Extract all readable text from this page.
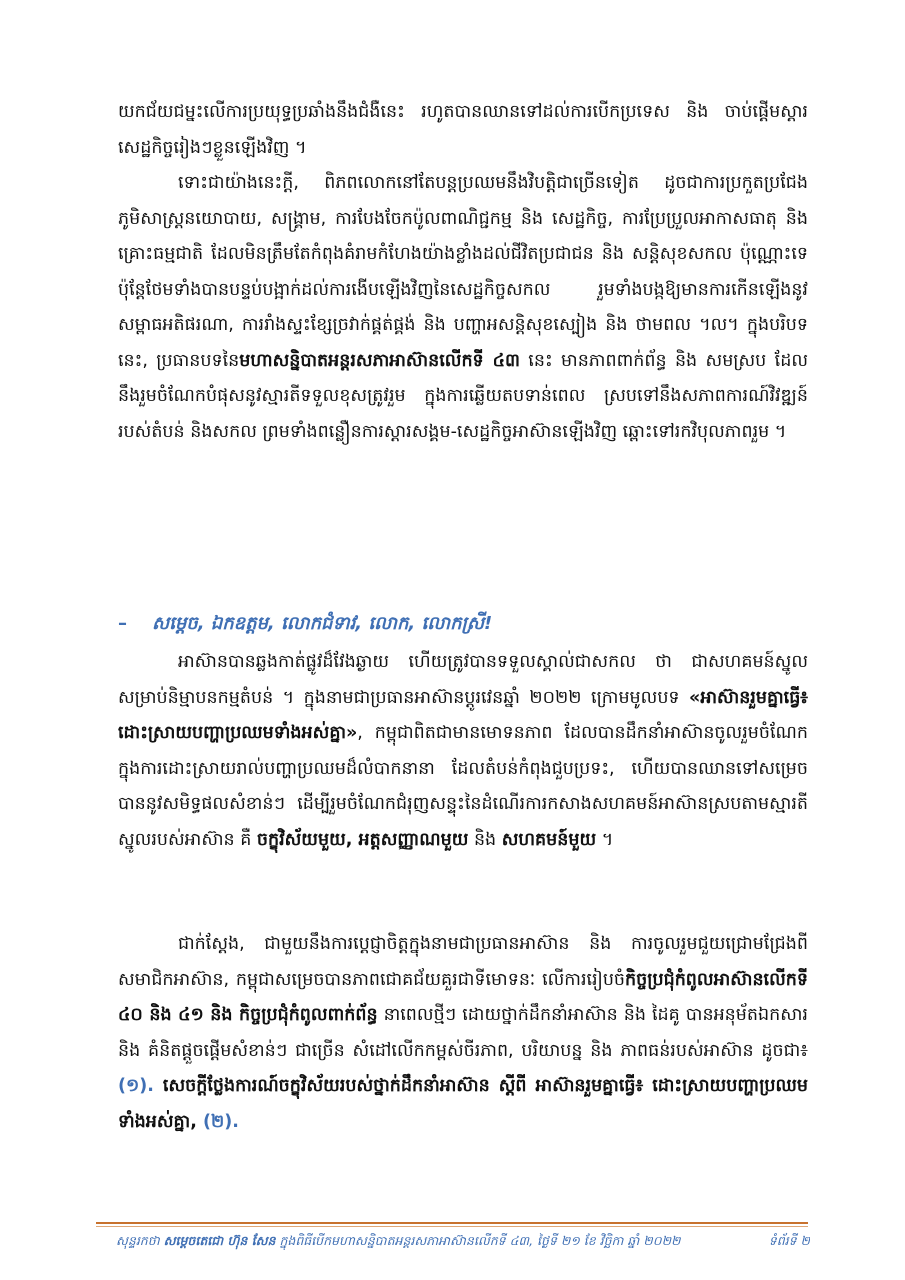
យកជ័យជម្នះលើការប្រយុទ្ធប្រឆាំងនឹងជំងឺនេះ រហូតបានឈានទៅដល់ការបើកប្រទេស និង ចាប់ផ្តើមស្តារសេដ្ឋកិច្ចរៀងៗខ្លួនឡើងវិញ ។

ទោះជាយ៉ាងនេះក្តី, ពិភពលោកនៅតែបន្តប្រឈមនឹងវិបត្តិជាច្រើនទៀត ដូចជាការប្រកួតប្រជែងភូមិសាស្ត្រនយោបាយ, សង្គ្រាម, ការបែងចែកប៉ូលពាណិជ្ជកម្ម និង សេដ្ឋកិច្ច, ការប្រែប្រួលអាកាសធាតុ និង គ្រោះធម្មជាតិ ដែលមិនត្រឹមតែកំពុងគំរាមកំហែងយ៉ាងខ្លាំងដល់ជីវិតប្រជាជន និង សន្តិសុខសកល ប៉ុណ្ណោះទេ ប៉ុន្តែថែមទាំងបានបន្ទប់បង្អាក់ដល់ការងើបឡើងវិញនៃសេដ្ឋកិច្ចសកល រួមទាំងបង្កឱ្យមានការកើនឡើងនូវសម្ពាធអតិផរណា, ការរាំងស្ទះខ្សែច្រវាក់ផ្គត់ផ្គង់ និង បញ្ហាអសន្តិសុខស្បៀង និង ថាមពល ។ល។ ក្នុងបរិបទនេះ, ប្រធានបទនៃមហាសន្និបាតអន្តរសភាអាស៊ានលើកទី ៤៣ នេះ មានភាពពាក់ព័ន្ធ និង សមស្រប ដែលនឹងរួមចំណែកបំផុសនូវស្មារតីទទួលខុសត្រូវរួម ក្នុងការឆ្លើយតបទាន់ពេល ស្របទៅនឹងសភាពការណ៍វិវឌ្ឍន៍របស់តំបន់ និងសកល ព្រមទាំងពន្លឿនការស្តារសង្គម-សេដ្ឋកិច្ចអាស៊ានឡើងវិញ ឆ្ពោះទៅរកវិបុលភាពរួម ។

– សម្តេច, ឯកឧត្តម, លោកជំទាវ, លោក, លោកស្រី!

អាស៊ានបានឆ្លងកាត់ផ្លូវដ៏វែងឆ្ងាយ ហើយត្រូវបានទទួលស្គាល់ជាសកល ថា ជាសហគមន៍ស្នូលសម្រាប់និម្មាបនកម្មតំបន់ ។ ក្នុងនាមជាប្រធានអាស៊ានប្តូរវេនឆ្នាំ ២០២២ ក្រោមមូលបទ «អាស៊ានរួមគ្នាធ្វើ៖ ដោះស្រាយបញ្ហាប្រឈមទាំងអស់គ្នា», កម្ពុជាពិតជាមានមោទនភាព ដែលបានដឹកនាំអាស៊ានចូលរួមចំណែក ក្នុងការដោះស្រាយរាល់បញ្ហាប្រឈមដ៏លំបាកនានា ដែលតំបន់កំពុងជួបប្រទះ, ហើយបានឈានទៅសម្រេចបាននូវសមិទ្ធផលសំខាន់ៗ ដើម្បីរួមចំណែកជំរុញសន្ទុះនៃដំណើរការកសាងសហគមន៍អាស៊ានស្របតាមស្មារតីស្នូលរបស់អាស៊ាន គឺ ចក្ខុវិស័យមួយ, អត្តសញ្ញាណមួយ និង សហគមន៍មួយ ។

ជាក់ស្តែង, ជាមួយនឹងការប្តេជ្ញាចិត្តក្នុងនាមជាប្រធានអាស៊ាន និង ការចូលរួមជួយជ្រោមជ្រែងពីសមាជិកអាស៊ាន, កម្ពុជាសម្រេចបានភាពជោគជ័យគួរជាទីមោទនៈ លើការរៀបចំកិច្ចប្រជុំកំពូលអាស៊ានលើកទី ៤០ និង ៤១ និង កិច្ចប្រជុំកំពូលពាក់ព័ន្ធ នាពេលថ្មីៗ ដោយថ្នាក់ដឹកនាំអាស៊ាន និង ដៃគូ បានអនុម័តឯកសារ និង គំនិតផ្តួចផ្តើមសំខាន់ៗ ជាច្រើន សំដៅលើកកម្ពស់ចីរភាព, បរិយាបន្ន និង ភាពធន់របស់អាស៊ាន ដូចជា៖ (១). សេចក្តីថ្លែងការណ៍ចក្ខុវិស័យរបស់ថ្នាក់ដឹកនាំអាស៊ាន ស្តីពី អាស៊ានរួមគ្នាធ្វើ៖ ដោះស្រាយបញ្ហាប្រឈមទាំងអស់គ្នា, (២).

សុន្ទរកថា សម្តេចតេជោ ហ៊ុន សែន ក្នុងពិធីបើកមហាសន្និបាតអន្តរសភាអាស៊ានលើកទី ៤៣, ថ្ងៃទី ២១ ខែ វិច្ឆិកា ឆ្នាំ ២០២២	ទំព័រទី ២
